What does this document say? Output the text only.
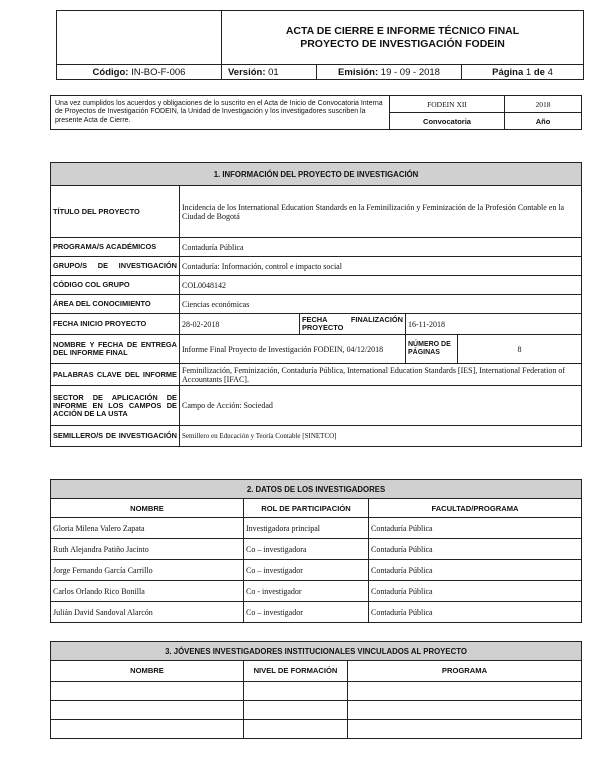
	ACTA DE CIERRE E INFORME TÉCNICO FINAL
PROYECTO DE INVESTIGACIÓN FODEIN		

Código: IN-BO-F-006	Versión: 01	Emisión: 19 - 09 - 2018	Página 1 de 4
Una vez cumplidos los acuerdos y obligaciones de lo suscrito en el Acta de Inicio de Convocatoria Interna de Proyectos de Investigación FODEIN, la Unidad de Investigación y los investigadores suscriben la presente Acta de Cierre.	FODEIN XII	2018
	Convocatoria	Año
1. INFORMACIÓN DEL PROYECTO DE INVESTIGACIÓN				
TÍTULO DEL PROYECTO	Incidencia de los International Education Standards en la Feminilización y Feminización de la Profesión Contable en la Ciudad de Bogotá			
PROGRAMA/S ACADÉMICOS	Contaduría Pública			
GRUPO/S DE INVESTIGACIÓN	Contaduría: Información, control e impacto social			
CÓDIGO COL GRUPO	COL0048142			
ÁREA DEL CONOCIMIENTO	Ciencias económicas			
FECHA INICIO PROYECTO	28-02-2018	FECHA FINALIZACIÓN PROYECTO	16-11-2018	
NOMBRE Y FECHA DE ENTREGA DEL INFORME FINAL	Informe Final Proyecto de Investigación FODEIN, 04/12/2018		NÚMERO DE PÁGINAS	8
PALABRAS CLAVE DEL INFORME	Feminilización, Feminización, Contaduría Pública, International Education Standards [IES], International Federation of Accountants [IFAC].			
SECTOR DE APLICACIÓN DE INFORME EN LOS CAMPOS DE ACCIÓN DE LA USTA	Campo de Acción: Sociedad			
SEMILLERO/S DE INVESTIGACIÓN	Semillero en Educación y Teoría Contable [SINETCO]			
2. DATOS DE LOS INVESTIGADORES		
NOMBRE	ROL DE PARTICIPACIÓN	FACULTAD/PROGRAMA
Gloria Milena Valero Zapata	Investigadora principal	Contaduría Pública
Ruth Alejandra Patiño Jacinto	Co – investigadora	Contaduría Pública
Jorge Fernando García Carrillo	Co – investigador	Contaduría Pública
Carlos Orlando Rico Bonilla	Co - investigador	Contaduría Pública
Julián David Sandoval Alarcón	Co – investigador	Contaduría Pública
3. JÓVENES INVESTIGADORES INSTITUCIONALES VINCULADOS AL PROYECTO		
NOMBRE	NIVEL DE FORMACIÓN	PROGRAMA
